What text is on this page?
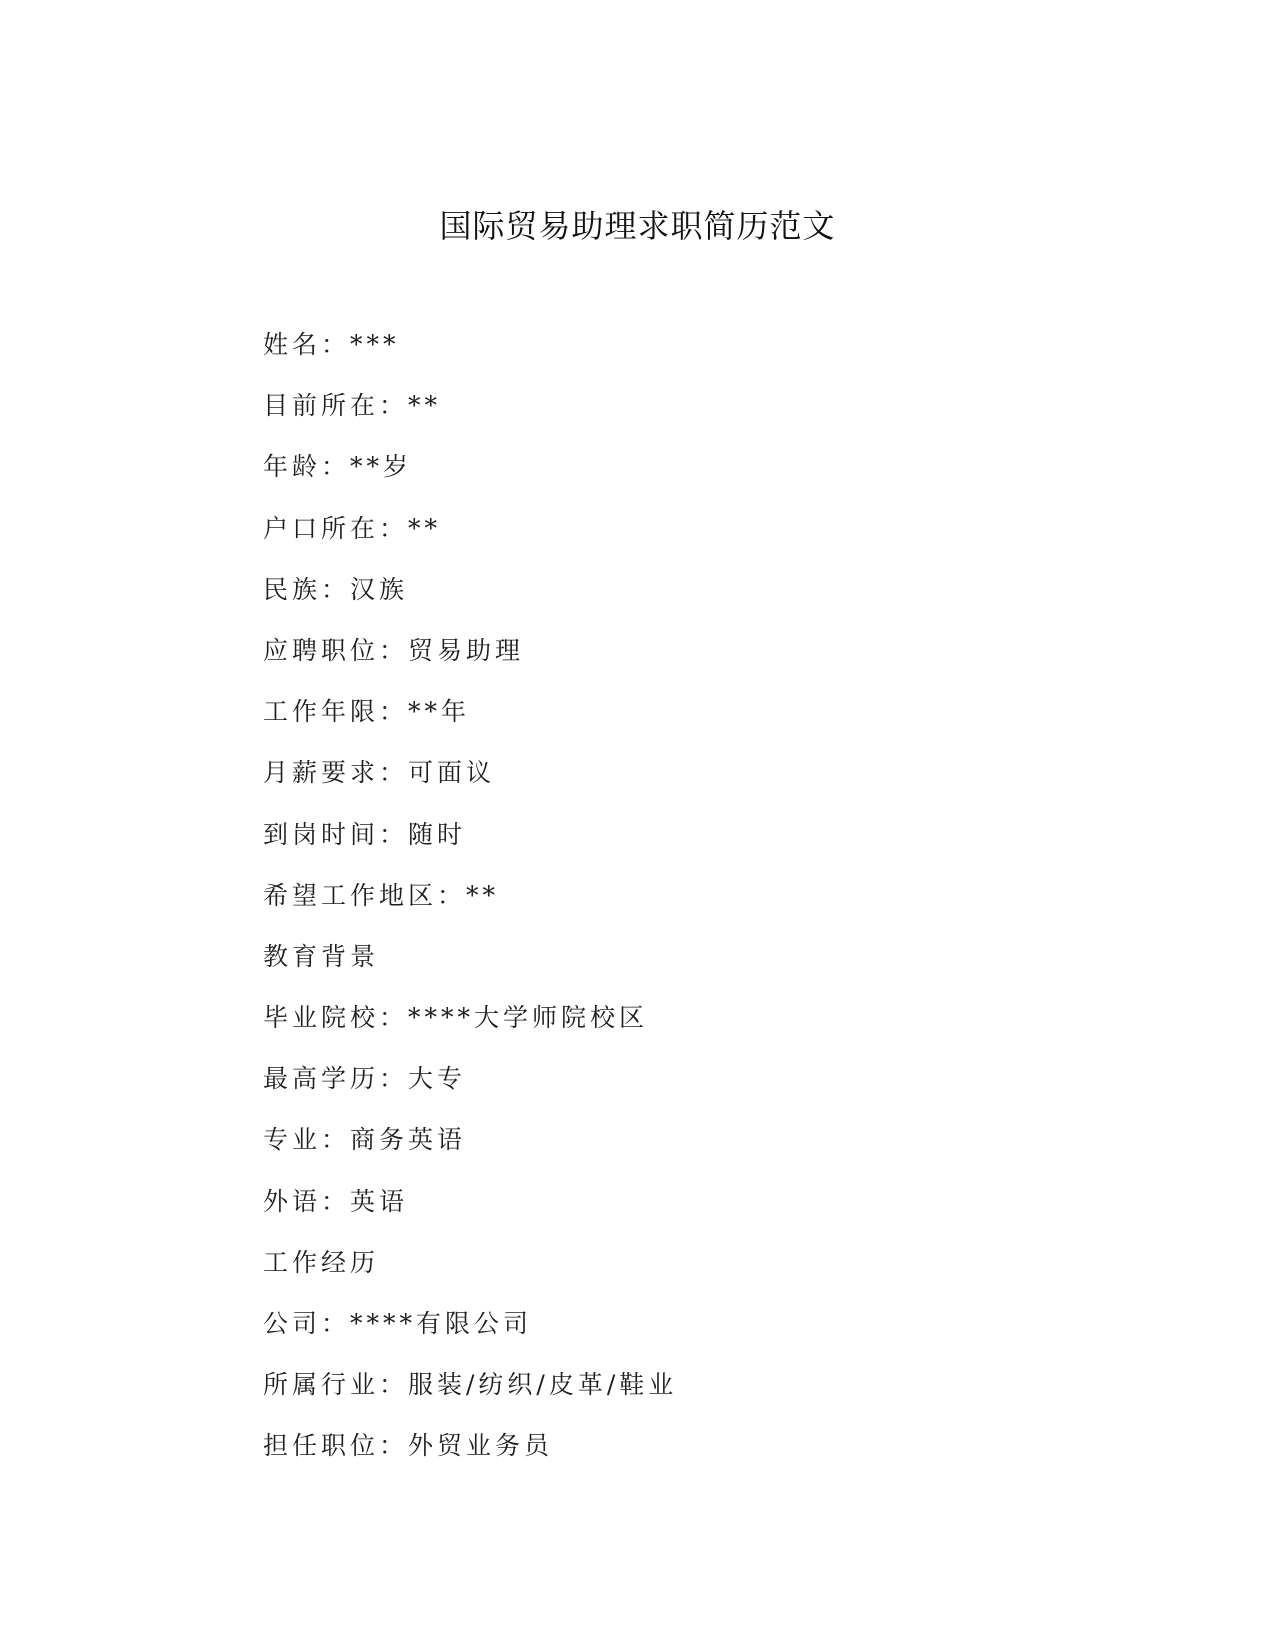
国际贸易助理求职简历范文
姓名：***
目前所在：**
年龄：**岁
户口所在：**
民族：汉族
应聘职位：贸易助理
工作年限：**年
月薪要求：可面议
到岗时间：随时
希望工作地区：**
教育背景
毕业院校：****大学师院校区
最高学历：大专
专业：商务英语
外语：英语
工作经历
公司：****有限公司
所属行业：服装/纺织/皮革/鞋业
担任职位：外贸业务员
